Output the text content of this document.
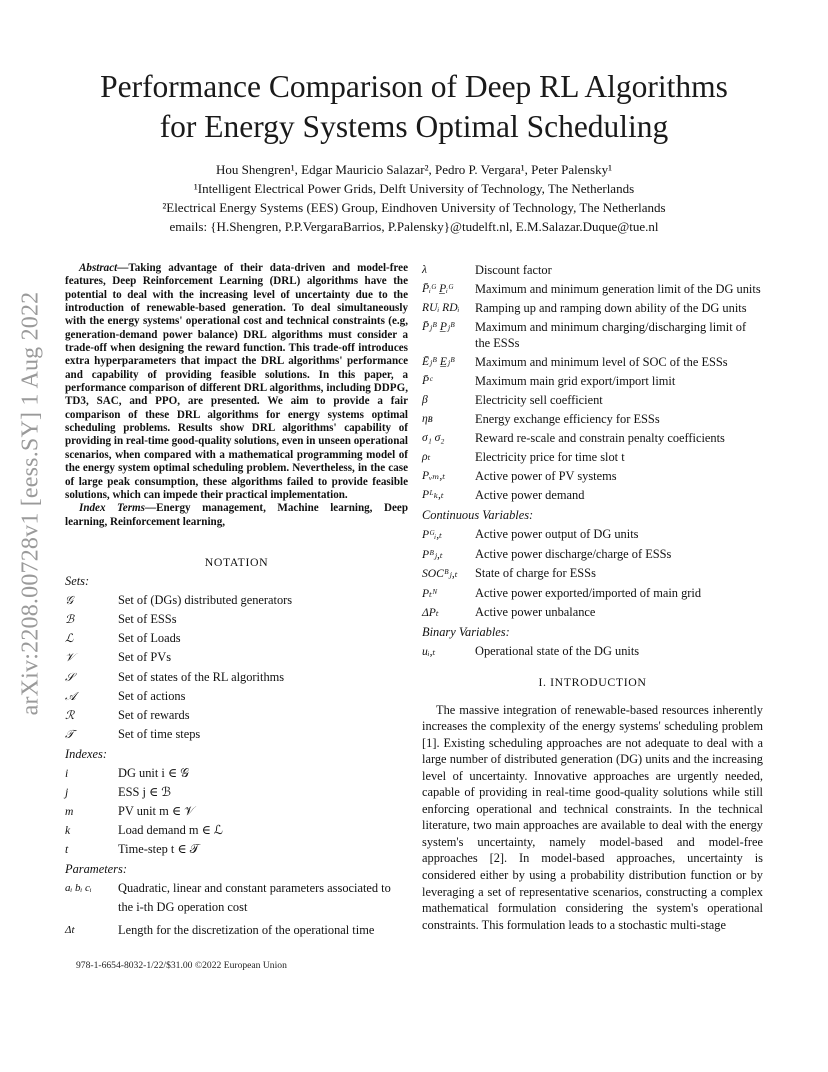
Performance Comparison of Deep RL Algorithms
for Energy Systems Optimal Scheduling
Hou Shengren¹, Edgar Mauricio Salazar², Pedro P. Vergara¹, Peter Palensky¹
¹Intelligent Electrical Power Grids, Delft University of Technology, The Netherlands
²Electrical Energy Systems (EES) Group, Eindhoven University of Technology, The Netherlands
emails: {H.Shengren, P.P.VergaraBarrios, P.Palensky}@tudelft.nl, E.M.Salazar.Duque@tue.nl
arXiv:2208.00728v1 [eess.SY] 1 Aug 2022

Abstract—Taking advantage of their data-driven and model-free features, Deep Reinforcement Learning (DRL) algorithms have the potential to deal with the increasing level of uncertainty due to the introduction of renewable-based generation. To deal simultaneously with the energy systems' operational cost and technical constraints (e.g, generation-demand power balance) DRL algorithms must consider a trade-off when designing the reward function. This trade-off introduces extra hyperparameters that impact the DRL algorithms' performance and capability of providing feasible solutions. In this paper, a performance comparison of different DRL algorithms, including DDPG, TD3, SAC, and PPO, are presented. We aim to provide a fair comparison of these DRL algorithms for energy systems optimal scheduling problems. Results show DRL algorithms' capability of providing in real-time good-quality solutions, even in unseen operational scenarios, when compared with a mathematical programming model of the energy system optimal scheduling problem. Nevertheless, in the case of large peak consumption, these algorithms failed to provide feasible solutions, which can impede their practical implementation.

Index Terms—Energy management, Machine learning, Deep learning, Reinforcement learning,

NOTATION

Sets:

𝒢	Set of (DGs) distributed generators
ℬ	Set of ESSs
ℒ	Set of Loads
𝒱	Set of PVs
𝒮	Set of states of the RL algorithms
𝒜	Set of actions
ℛ	Set of rewards
𝒯	Set of time steps

Indexes:

i	DG unit i ∈ 𝒢
j	ESS j ∈ ℬ
m	PV unit m ∈ 𝒱
k	Load demand m ∈ ℒ
t	Time-step t ∈ 𝒯

Parameters:

aᵢ bᵢ cᵢ	Quadratic, linear and constant parameters associated to the i-th DG operation cost
Δt	Length for the discretization of the operational time
λ	Discount factor
P̄ᵢᴳ P̲ᵢᴳ	Maximum and minimum generation limit of the DG units
RUᵢ RDᵢ	Ramping up and ramping down ability of the DG units
P̄ⱼᴮ P̲ⱼᴮ	Maximum and minimum charging/discharging limit of the ESSs
Ēⱼᴮ E̲ⱼᴮ	Maximum and minimum level of SOC of the ESSs
P̄ᶜ	Maximum main grid export/import limit
β	Electricity sell coefficient
ηʙ	Energy exchange efficiency for ESSs
σ₁ σ₂	Reward re-scale and constrain penalty coefficients
ρₜ	Electricity price for time slot t
Pᵥₘ,ₜ	Active power of PV systems
Pᴸₖ,ₜ	Active power demand

Continuous Variables:

Pᴳᵢ,ₜ	Active power output of DG units
Pᴮⱼ,ₜ	Active power discharge/charge of ESSs
SOCᴮⱼ,ₜ	State of charge for ESSs
Pₜᴺ	Active power exported/imported of main grid
ΔPₜ	Active power unbalance

Binary Variables:

uᵢ,ₜ	Operational state of the DG units

I. INTRODUCTION

The massive integration of renewable-based resources inherently increases the complexity of the energy systems' scheduling problem [1]. Existing scheduling approaches are not adequate to deal with a large number of distributed generation (DG) units and the increasing level of uncertainty. Innovative approaches are urgently needed, capable of providing in real-time good-quality solutions while still enforcing operational and technical constraints. In the technical literature, two main approaches are available to deal with the energy system's uncertainty, namely model-based and model-free approaches [2]. In model-based approaches, uncertainty is considered either by using a probability distribution function or by leveraging a set of representative scenarios, constructing a complex mathematical formulation considering the system's operational constraints. This formulation leads to a stochastic multi-stage

978-1-6654-8032-1/22/$31.00 ©2022 European Union
